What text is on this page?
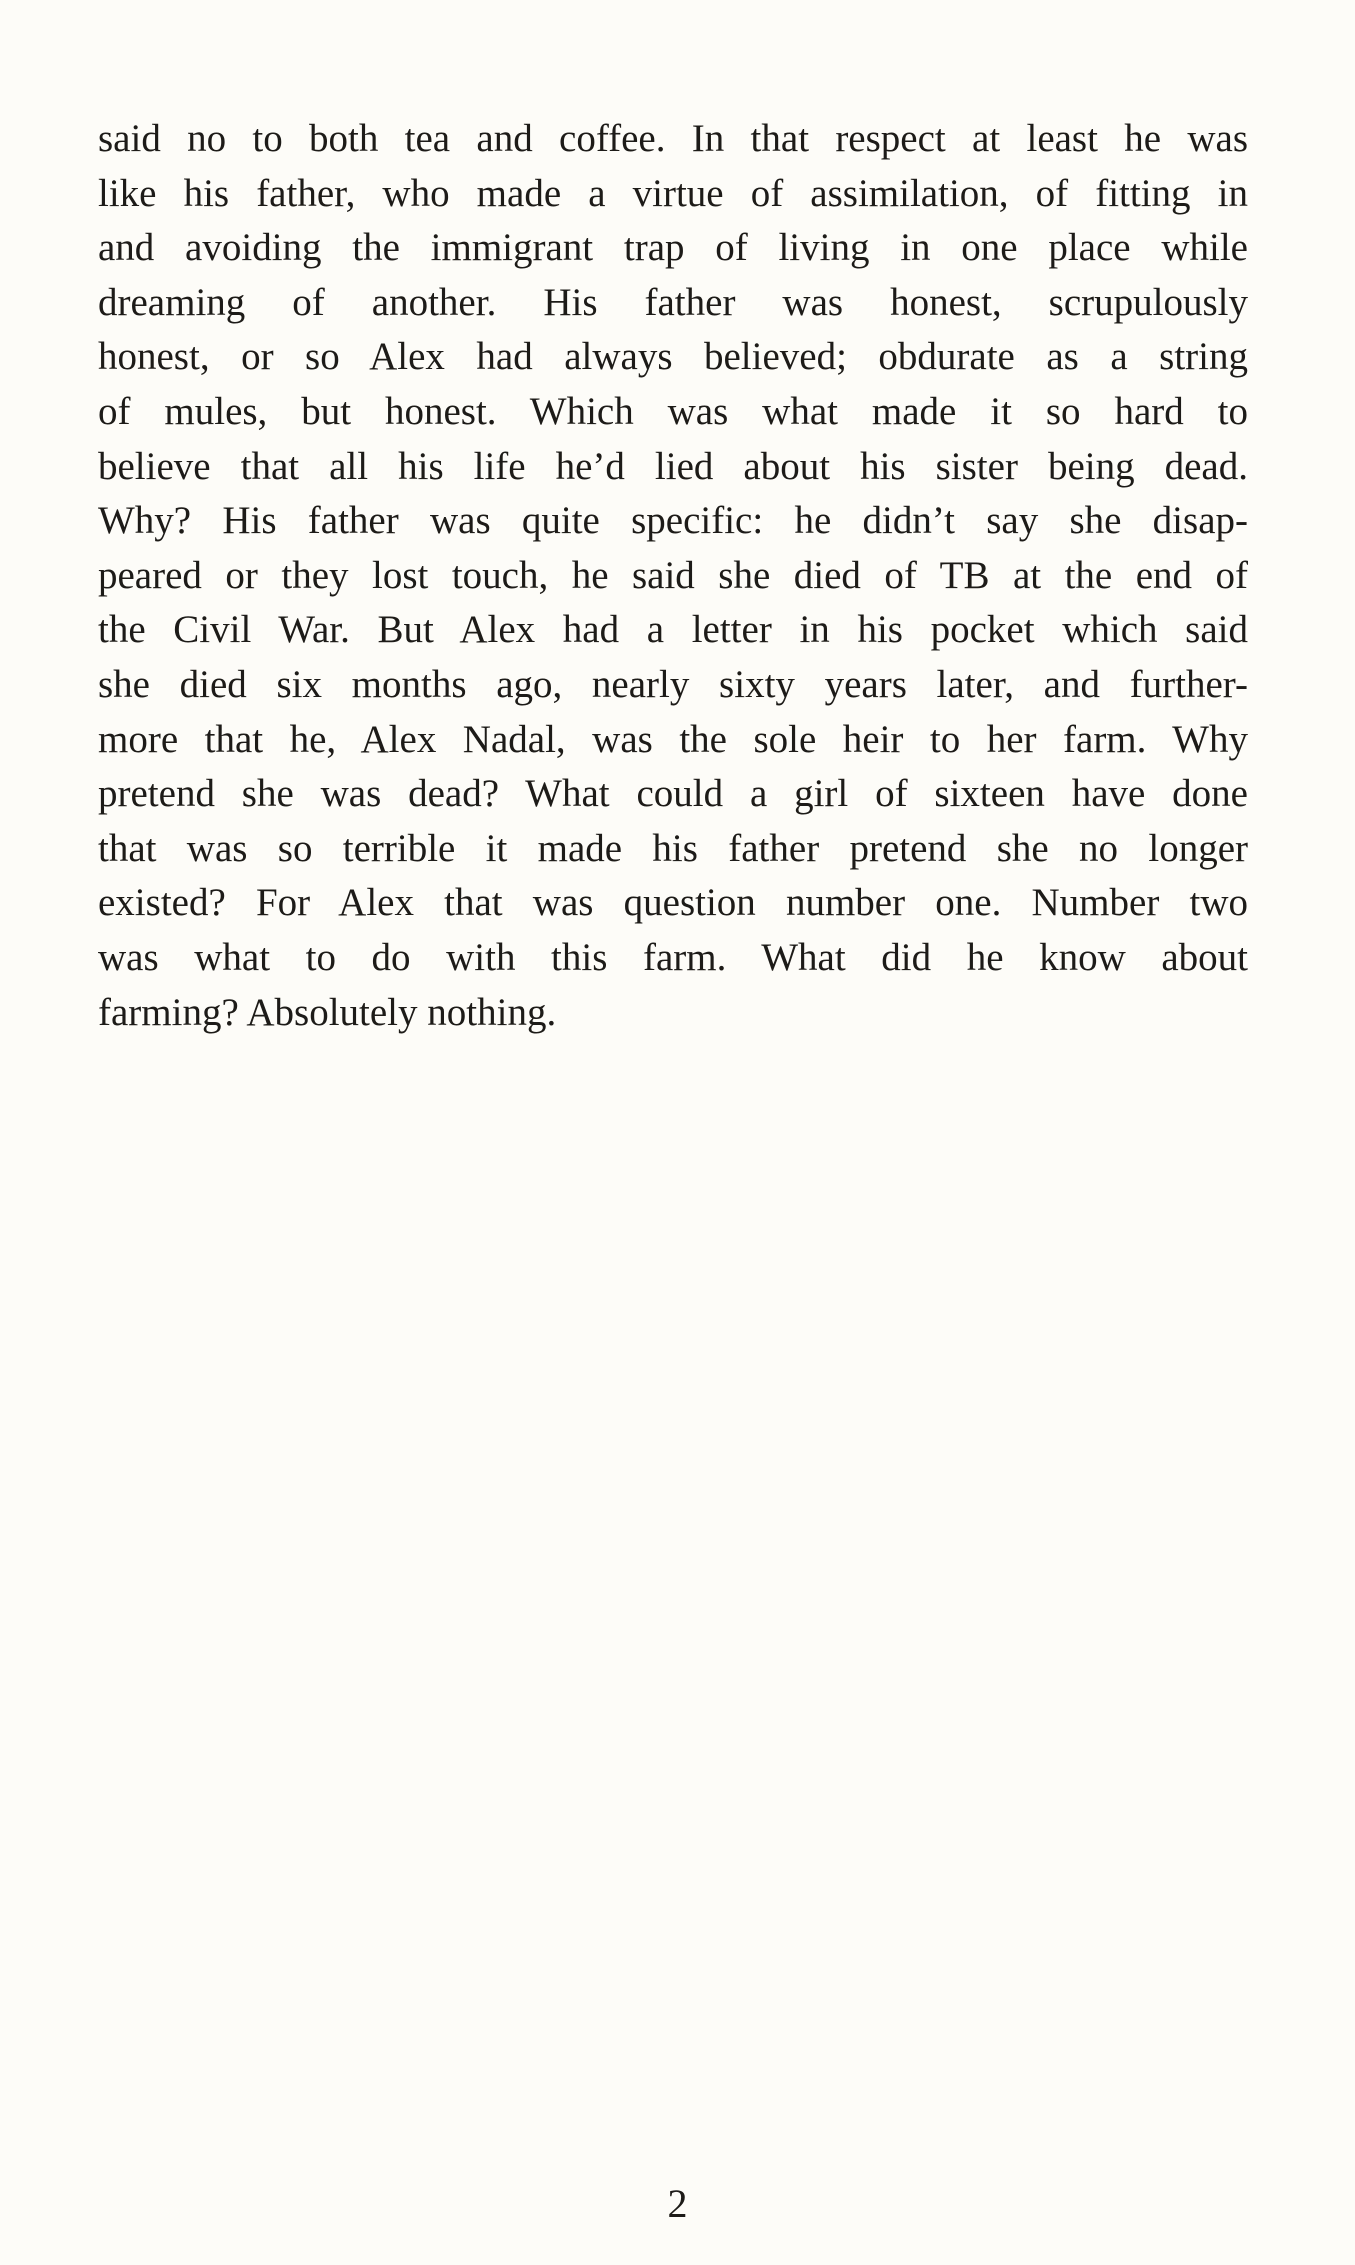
said no to both tea and coffee. In that respect at least he was
like his father, who made a virtue of assimilation, of fitting in
and avoiding the immigrant trap of living in one place while
dreaming of another. His father was honest, scrupulously
honest, or so Alex had always believed; obdurate as a string
of mules, but honest. Which was what made it so hard to
believe that all his life he’d lied about his sister being dead.
Why? His father was quite specific: he didn’t say she disap-
peared or they lost touch, he said she died of TB at the end of
the Civil War. But Alex had a letter in his pocket which said
she died six months ago, nearly sixty years later, and further-
more that he, Alex Nadal, was the sole heir to her farm. Why
pretend she was dead? What could a girl of sixteen have done
that was so terrible it made his father pretend she no longer
existed? For Alex that was question number one. Number two
was what to do with this farm. What did he know about
farming? Absolutely nothing.
2
